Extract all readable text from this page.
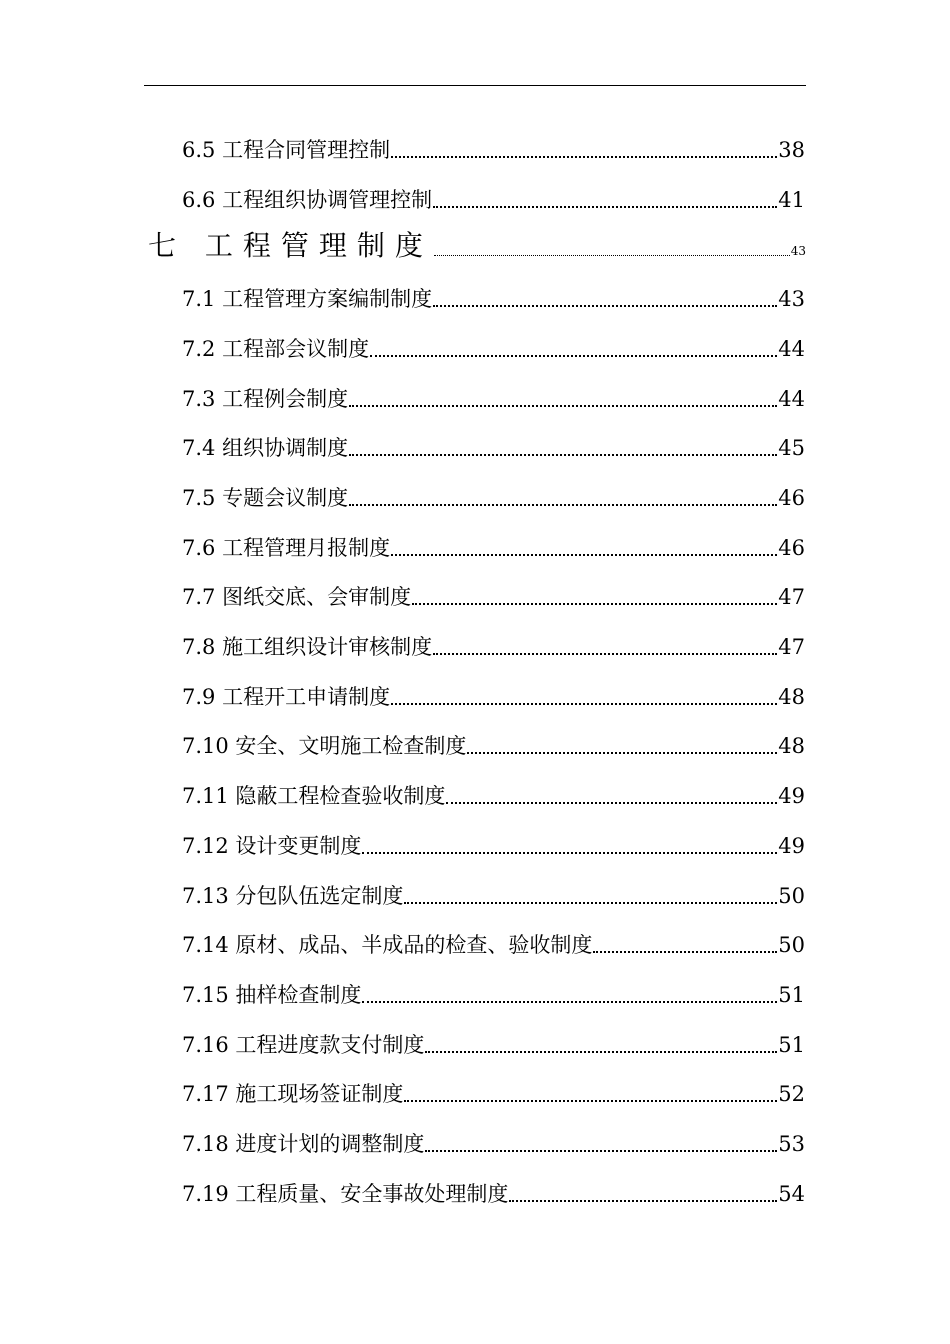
6.5 工程合同管理控制	38
6.6 工程组织协调管理控制	41
七 工程管理制度	43
7.1 工程管理方案编制制度	43
7.2 工程部会议制度	44
7.3 工程例会制度	44
7.4 组织协调制度	45
7.5 专题会议制度	46
7.6 工程管理月报制度	46
7.7 图纸交底、会审制度	47
7.8 施工组织设计审核制度	47
7.9 工程开工申请制度	48
7.10 安全、文明施工检查制度	48
7.11 隐蔽工程检查验收制度	49
7.12 设计变更制度	49
7.13 分包队伍选定制度	50
7.14 原材、成品、半成品的检查、验收制度	50
7.15 抽样检查制度	51
7.16 工程进度款支付制度	51
7.17 施工现场签证制度	52
7.18 进度计划的调整制度	53
7.19 工程质量、安全事故处理制度	54
